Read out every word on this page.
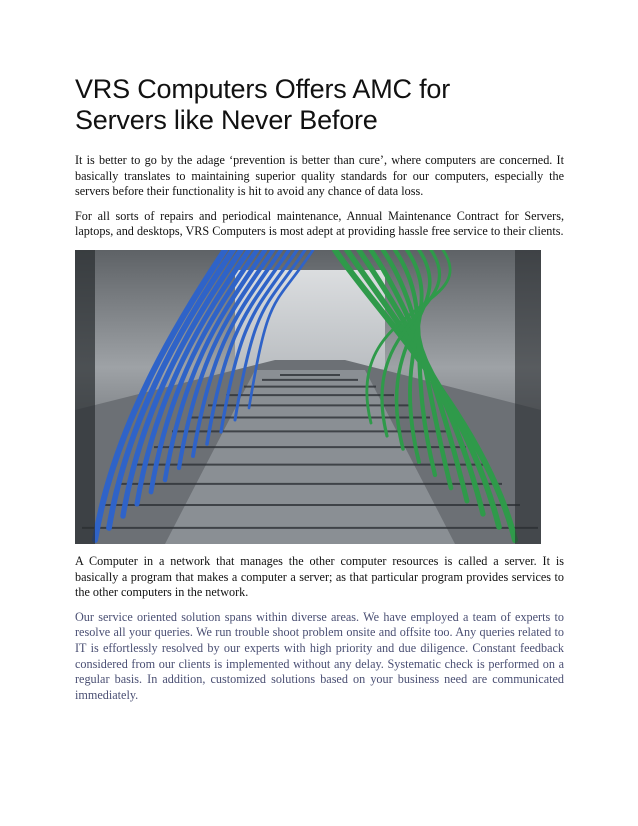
VRS Computers Offers AMC for
Servers like Never Before

It is better to go by the adage ‘prevention is better than cure’, where computers are concerned. It basically translates to maintaining superior quality standards for our computers, especially the servers before their functionality is hit to avoid any chance of data loss.

For all sorts of repairs and periodical maintenance, Annual Maintenance Contract for Servers, laptops, and desktops, VRS Computers is most adept at providing hassle free service to their clients.

A Computer in a network that manages the other computer resources is called a server. It is basically a program that makes a computer a server; as that particular program provides services to the other computers in the network.

Our service oriented solution spans within diverse areas. We have employed a team of experts to resolve all your queries. We run trouble shoot problem onsite and offsite too. Any queries related to IT is effortlessly resolved by our experts with high priority and due diligence. Constant feedback considered from our clients is implemented without any delay. Systematic check is performed on a regular basis. In addition, customized solutions based on your business need are communicated immediately.
